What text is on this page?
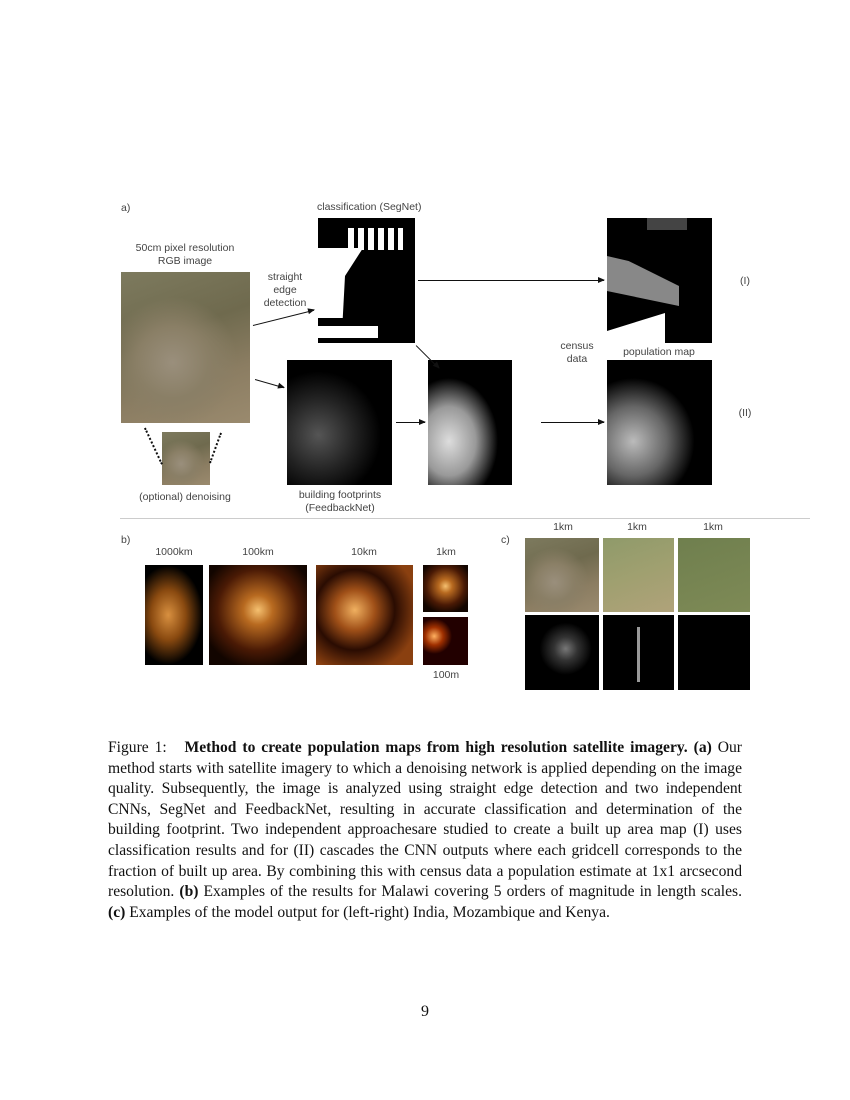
a)	classification (SegNet)
50cm pixel resolution
RGB image
straight
edge
detection
(I)
census
data
population map
(II)
(optional) denoising	building footprints
(FeedbackNet)
b)
1000km	100km	10km	1km
100m
c)
1km	1km	1km
Figure 1: Method to create population maps from high resolution satellite imagery. (a) Our method starts with satellite imagery to which a denoising network is applied depending on the image quality. Subsequently, the image is analyzed using straight edge detection and two independent CNNs, SegNet and FeedbackNet, resulting in accurate classification and determination of the building footprint. Two independent approachesare studied to create a built up area map (I) uses classification results and for (II) cascades the CNN outputs where each gridcell corresponds to the fraction of built up area. By combining this with census data a population estimate at 1x1 arcsecond resolution. (b) Examples of the results for Malawi covering 5 orders of magnitude in length scales. (c) Examples of the model output for (left-right) India, Mozambique and Kenya.
9
